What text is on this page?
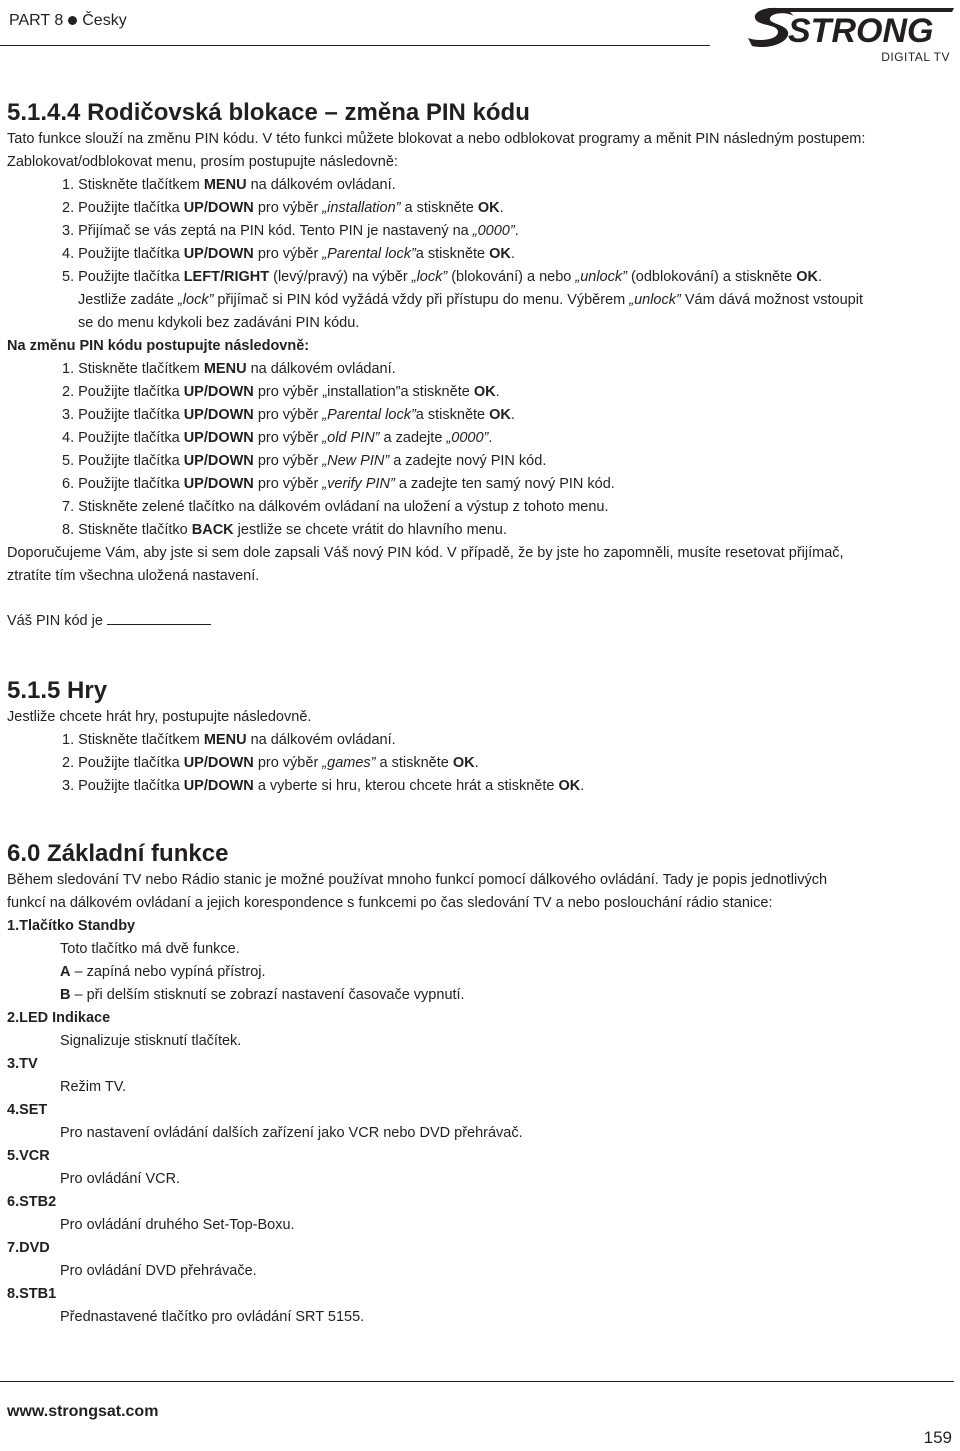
PART 8 Česky	STRONG
DIGITAL TV
5.1.4.4 Rodičovská blokace – změna PIN kódu
Tato funkce slouží na změnu PIN kódu. V této funkci můžete blokovat a nebo odblokovat programy a měnit PIN následným postupem:
Zablokovat/odblokovat menu, prosím postupujte následovně:
1. Stiskněte tlačítkem MENU na dálkovém ovládaní.
2. Použijte tlačítka UP/DOWN pro výběr „installation” a stiskněte OK.
3. Přijímač se vás zeptá na PIN kód. Tento PIN je nastavený na „0000”.
4. Použijte tlačítka UP/DOWN pro výběr „Parental lock”a stiskněte OK.
5. Použijte tlačítka LEFT/RIGHT (levý/pravý) na výběr „lock” (blokování) a nebo „unlock” (odblokování) a stiskněte OK.
Jestliže zadáte „lock” přijímač si PIN kód vyžádá vždy při přístupu do menu. Výběrem „unlock” Vám dává možnost vstoupit
se do menu kdykoli bez zadáváni PIN kódu.
Na změnu PIN kódu postupujte následovně:
1. Stiskněte tlačítkem MENU na dálkovém ovládaní.
2. Použijte tlačítka UP/DOWN pro výběr „installation”a stiskněte OK.
3. Použijte tlačítka UP/DOWN pro výběr „Parental lock”a stiskněte OK.
4. Použijte tlačítka UP/DOWN pro výběr „old PIN” a zadejte „0000”.
5. Použijte tlačítka UP/DOWN pro výběr „New PIN” a zadejte nový PIN kód.
6. Použijte tlačítka UP/DOWN pro výběr „verify PIN” a zadejte ten samý nový PIN kód.
7. Stiskněte zelené tlačítko na dálkovém ovládaní na uložení a výstup z tohoto menu.
8. Stiskněte tlačítko BACK jestliže se chcete vrátit do hlavního menu.
Doporučujeme Vám, aby jste si sem dole zapsali Váš nový PIN kód. V případě, že by jste ho zapomněli, musíte resetovat přijímač,
ztratíte tím všechna uložená nastavení.
Váš PIN kód je
5.1.5 Hry
Jestliže chcete hrát hry, postupujte následovně.
1. Stiskněte tlačítkem MENU na dálkovém ovládaní.
2. Použijte tlačítka UP/DOWN pro výběr „games” a stiskněte OK.
3. Použijte tlačítka UP/DOWN a vyberte si hru, kterou chcete hrát a stiskněte OK.
6.0 Základní funkce
Během sledování TV nebo Rádio stanic je možné používat mnoho funkcí pomocí dálkového ovládání. Tady je popis jednotlivých
funkcí na dálkovém ovládaní a jejich korespondence s funkcemi po čas sledování TV a nebo poslouchání rádio stanice:
1.Tlačítko Standby
Toto tlačítko má dvě funkce.
A – zapíná nebo vypíná přístroj.
B – při delším stisknutí se zobrazí nastavení časovače vypnutí.
2.LED Indikace
Signalizuje stisknutí tlačítek.
3.TV
Režim TV.
4.SET
Pro nastavení ovládání dalších zařízení jako VCR nebo DVD přehrávač.
5.VCR
Pro ovládání VCR.
6.STB2
Pro ovládání druhého Set-Top-Boxu.
7.DVD
Pro ovládání DVD přehrávače.
8.STB1
Přednastavené tlačítko pro ovládání SRT 5155.
www.strongsat.com
159
